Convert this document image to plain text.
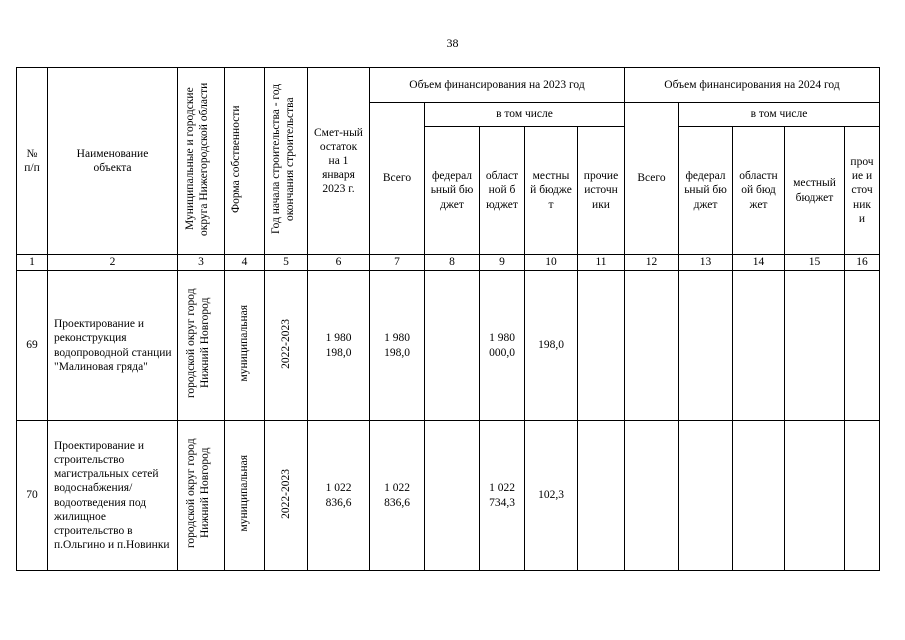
38
№ п/п	Наименование объекта	Муниципальные и городские округа Нижегородской области	Форма собственности	Год начала строительства - год окончания строительства	Смет-ный остаток на 1 января 2023 г.	Объем финансирования на 2023 год					Объем финансирования на 2024 год				
						Всего	в том числе				Всего	в том числе			
							федеральный бюджет	областной бюджет	местный бюджет	прочие источники		федеральный бюджет	областной бюджет	местный бюджет	прочие источники
1	2	3	4	5	6	7	8	9	10	11	12	13	14	15	16
69	Проектирование и реконструкция водопроводной станции "Малиновая гряда"	городской округ город Нижний Новгород	муниципальная	2022-2023	1 980 198,0	1 980 198,0		1 980 000,0	198,0						
70	Проектирование и строительство магистральных сетей водоснабжения/водоотведения под жилищное строительство в п.Ольгино и п.Новинки	городской округ город Нижний Новгород	муниципальная	2022-2023	1 022 836,6	1 022 836,6		1 022 734,3	102,3						
